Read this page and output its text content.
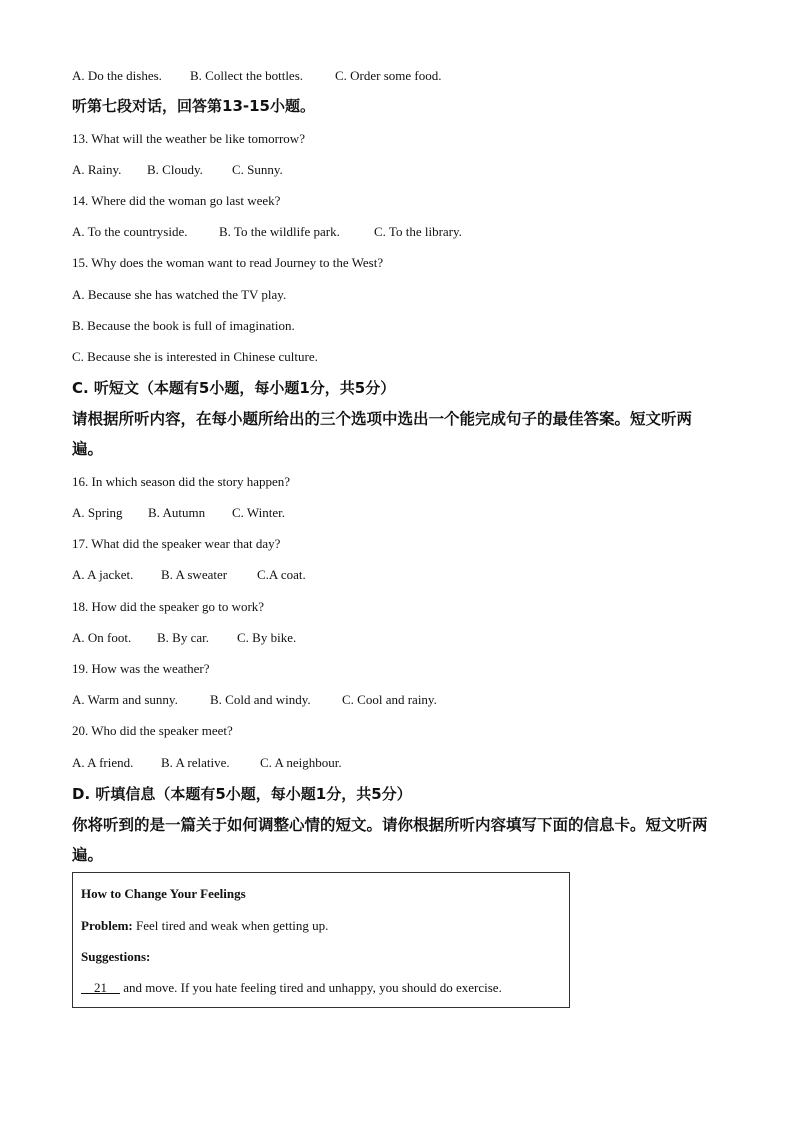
A. Do the dishes. B. Collect the bottles. C. Order some food.

听第七段对话，回答第13-15小题。

13. What will the weather be like tomorrow?

A. Rainy. B. Cloudy. C. Sunny.

14. Where did the woman go last week?

A. To the countryside. B. To the wildlife park.	C. To the library.

15. Why does the woman want to read Journey to the West?

A. Because she has watched the TV play.

B. Because the book is full of imagination.

C. Because she is interested in Chinese culture.

C. 听短文（本题有5小题，每小题1分，共5分）

请根据所听内容，在每小题所给出的三个选项中选出一个能完成句子的最佳答案。短文听两遍。

16. In which season did the story happen?

A. Spring B. Autumn C. Winter.

17. What did the speaker wear that day?

A. A jacket. B. A sweater C.A coat.

18. How did the speaker go to work?

A. On foot. B. By car. C. By bike.

19. How was the weather?

A. Warm and sunny. B. Cold and windy. C. Cool and rainy.

20. Who did the speaker meet?

A. A friend. B. A relative. C. A neighbour.

D. 听填信息（本题有5小题，每小题1分，共5分）

你将听到的是一篇关于如何调整心情的短文。请你根据所听内容填写下面的信息卡。短文听两遍。

How to Change Your Feelings

Problem: Feel tired and weak when getting up.

Suggestions:

21     and move. If you hate feeling tired and unhappy, you should do exercise.
